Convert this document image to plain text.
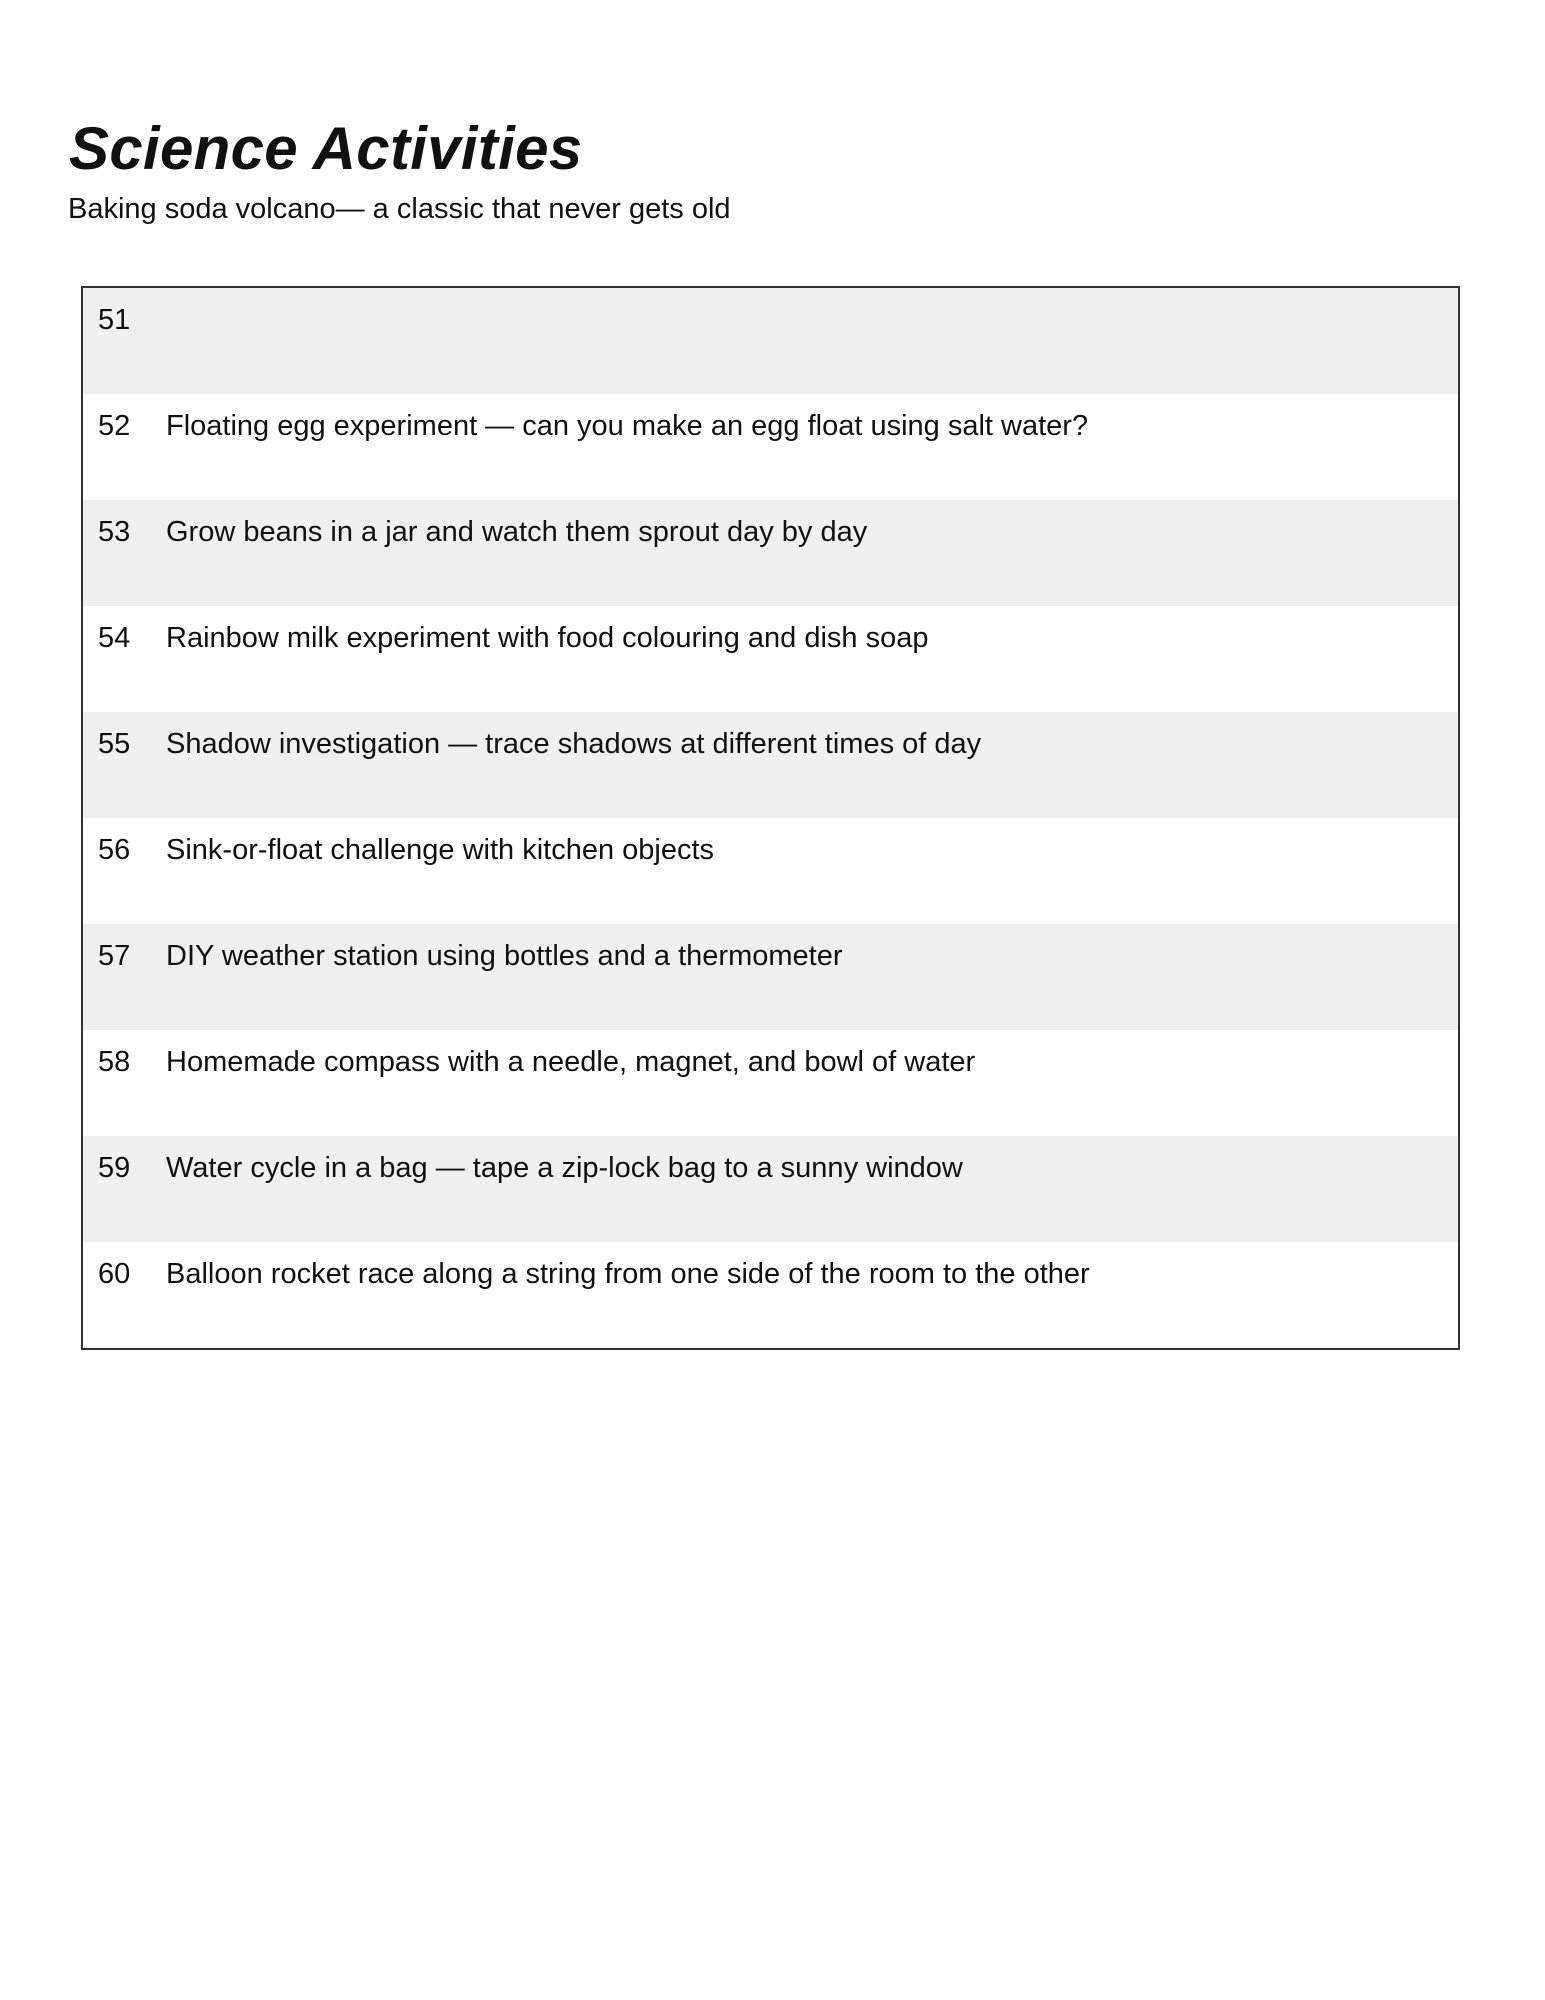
Science Activities

Baking soda volcano— a classic that never gets old

51	
52	Floating egg experiment — can you make an egg float using salt water?
53	Grow beans in a jar and watch them sprout day by day
54	Rainbow milk experiment with food colouring and dish soap
55	Shadow investigation — trace shadows at different times of day
56	Sink-or-float challenge with kitchen objects
57	DIY weather station using bottles and a thermometer
58	Homemade compass with a needle, magnet, and bowl of water
59	Water cycle in a bag — tape a zip-lock bag to a sunny window
60	Balloon rocket race along a string from one side of the room to the other
